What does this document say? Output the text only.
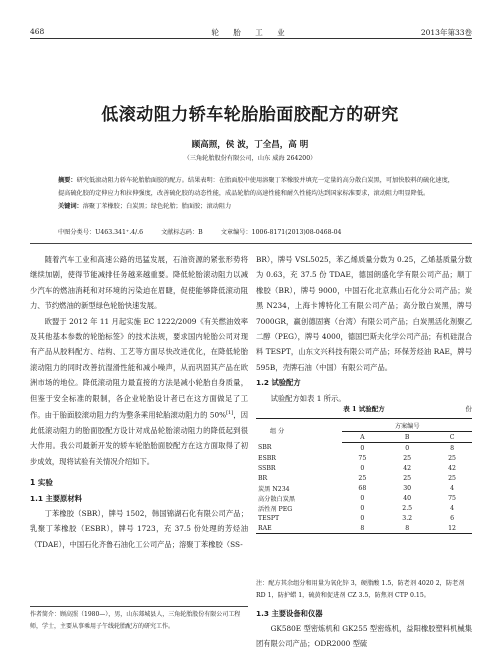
468	轮 胎 工 业	2013年第33卷
低滚动阻力轿车轮胎胎面胶配方的研究
顾高照，侯 波，丁全昌，高 明
（三角轮胎股份有限公司，山东 威海 264200）
摘要：研究低滚动阻力轿车轮胎胎面胶的配方。结果表明：在胎面胶中使用溶聚丁苯橡胶并填充一定量的高分散白炭黑，可加快胶料的硫化速度，提高硫化胶的定伸应力和拉伸强度，改善硫化胶的动态性能，成品轮胎的高速性能和耐久性能均达到国家标准要求，滚动阻力明显降低。
关键词：溶聚丁苯橡胶；白炭黑；绿色轮胎；胎面胶；滚动阻力
中图分类号：U463.341⁺.4/.6	文献标志码：B	文章编号：1006-8171(2013)08-0468-04

随着汽车工业和高速公路的迅猛发展，石油资源的紧张形势将继续加剧，使得节能减排任务越来越重要。降低轮胎滚动阻力以减少汽车的燃油消耗和对环境的污染迫在眉睫，促使能够降低滚动阻力、节约燃油的新型绿色轮胎快速发展。

欧盟于 2012 年 11 月起实施 EC 1222/2009《有关燃油效率及其他基本参数的轮胎标签》的技术法规，要求国内轮胎公司对现有产品从胶料配方、结构、工艺等方面尽快改进优化，在降低轮胎滚动阻力的同时改善抗湿滑性能和减小噪声，从而巩固其产品在欧洲市场的地位。降低滚动阻力最直接的方法是减小轮胎自身质量，但鉴于安全标准的限制，各企业轮胎设计者已在这方面做足了工作。由于胎面胶滚动阻力约为整条乘用轮胎滚动阻力的 50%[1]，因此低滚动阻力的胎面胶配方设计对成品轮胎滚动阻力的降低起到很大作用。我公司最新开发的轿车轮胎胎面胶配方在这方面取得了初步成效，现将试验有关情况介绍如下。

1 实验
1.1 主要原材料

丁苯橡胶（SBR），牌号 1502，韩国锦湖石化有限公司产品；乳聚丁苯橡胶（ESBR），牌号 1723，充 37.5 份处理的芳烃油（TDAE），中国石化齐鲁石油化工公司产品；溶聚丁苯橡胶（SS-

BR），牌号 VSL5025，苯乙烯质量分数为 0.25，乙烯基质量分数为 0.63，充 37.5 份 TDAE，德国朗盛化学有限公司产品；顺丁橡胶（BR），牌号 9000，中国石化北京燕山石化分公司产品；炭黑 N234，上海卡博特化工有限公司产品；高分散白炭黑，牌号 7000GR，赢创德固赛（台湾）有限公司产品；白炭黑活化剂聚乙二醇（PEG），牌号 4000，德国巴斯夫化学公司产品；有机硅混合料 TESPT，山东文兴科技有限公司产品；环保芳烃油 RAE，牌号 595B，壳牌石油（中国）有限公司产品。

1.2 试验配方

试验配方如表 1 所示。

表 1 试验配方	份
组 分	方案编号		
	A	B	C
SBR	0	0	8
ESBR	75	25	25
SSBR	0	42	42
BR	25	25	25
炭黑 N234	68	30	4
高分散白炭黑	0	40	75
活性剂 PEG	0	2.5	4
TESPT	0	3.2	6
RAE	8	8	12
注：配方其余组分和用量为氧化锌 3，硬脂酸 1.5，防老剂 4020 2，防老剂 RD 1，防护蜡 1，硫黄和促进剂 CZ 3.5，防焦剂 CTP 0.15。
1.3 主要设备和仪器

GK580E 型密炼机和 GK255 型密炼机，益阳橡胶塑料机械集团有限公司产品；ODR2000 型硫

作者简介：顾高照（1980—），男，山东郯城县人，三角轮胎股份有限公司工程师，学士，主要从事乘用子午线轮胎配方的研究工作。
